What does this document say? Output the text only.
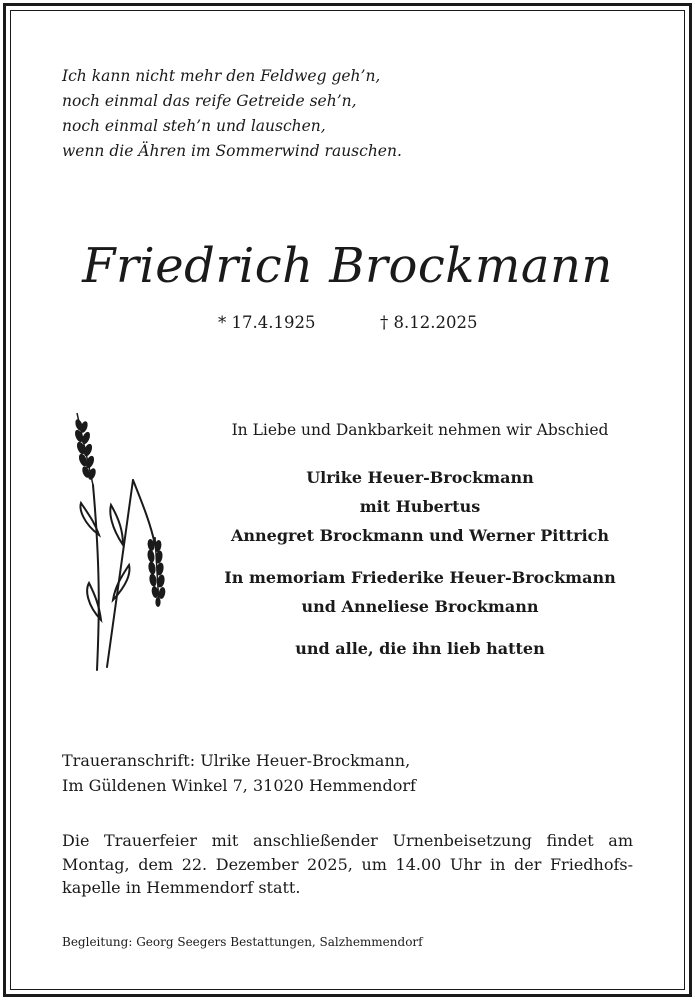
Ich kann nicht mehr den Feldweg geh’n,
noch einmal das reife Getreide seh’n,
noch einmal steh’n und lauschen,
wenn die Ähren im Sommerwind rauschen.
Friedrich Brockmann
* 17.4.1925	† 8.12.2025
In Liebe und Dankbarkeit nehmen wir Abschied
Ulrike Heuer-Brockmann
mit Hubertus
Annegret Brockmann und Werner Pittrich
In memoriam Friederike Heuer-Brockmann
und Anneliese Brockmann
und alle, die ihn lieb hatten
Traueranschrift: Ulrike Heuer-Brockmann,
Im Güldenen Winkel 7, 31020 Hemmendorf
Die Trauerfeier mit anschließender Urnenbeisetzung findet am
Montag, dem 22. Dezember 2025, um 14.00 Uhr in der Friedhofs-
kapelle in Hemmendorf statt.
Begleitung: Georg Seegers Bestattungen, Salzhemmendorf
